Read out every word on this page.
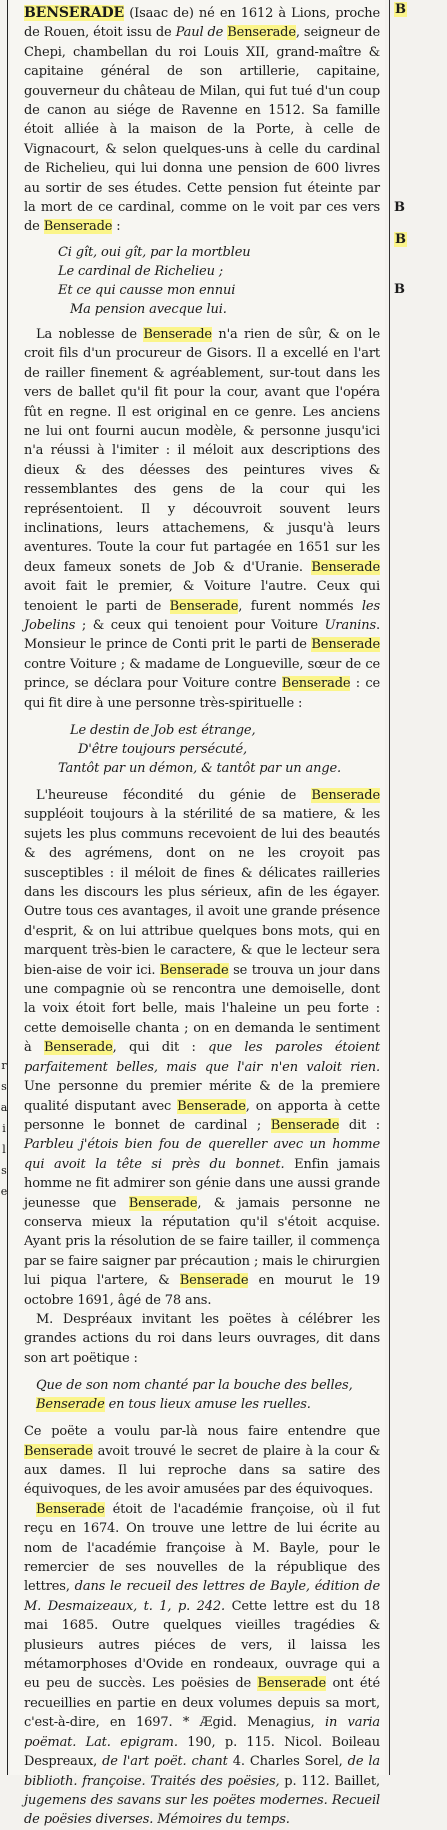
r
s
a
i
l
s
e
B
B
B
B

BENSERADE (Isaac de) né en 1612 à Lions, proche de Rouen, étoit issu de Paul de Benserade, seigneur de Chepi, chambellan du roi Louis XII, grand-maître & capitaine général de son artillerie, capitaine, gouverneur du château de Milan, qui fut tué d'un coup de canon au siége de Ravenne en 1512. Sa famille étoit alliée à la maison de la Porte, à celle de Vignacourt, & selon quelques-uns à celle du cardinal de Richelieu, qui lui donna une pension de 600 livres au sortir de ses études. Cette pension fut éteinte par la mort de ce cardinal, comme on le voit par ces vers de Benserade :

Ci gît, oui gît, par la mortbleu
Le cardinal de Richelieu ;
Et ce qui causse mon ennui
Ma pension avecque lui.

La noblesse de Benserade n'a rien de sûr, & on le croit fils d'un procureur de Gisors. Il a excellé en l'art de railler finement & agréablement, sur-tout dans les vers de ballet qu'il fit pour la cour, avant que l'opéra fût en regne. Il est original en ce genre. Les anciens ne lui ont fourni aucun modèle, & personne jusqu'ici n'a réussi à l'imiter : il méloit aux descriptions des dieux & des déesses des peintures vives & ressemblantes des gens de la cour qui les représentoient. Il y découvroit souvent leurs inclinations, leurs attachemens, & jusqu'à leurs aventures. Toute la cour fut partagée en 1651 sur les deux fameux sonets de Job & d'Uranie. Benserade avoit fait le premier, & Voiture l'autre. Ceux qui tenoient le parti de Benserade, furent nommés les Jobelins ; & ceux qui tenoient pour Voiture Uranins. Monsieur le prince de Conti prit le parti de Benserade contre Voiture ; & madame de Longueville, sœur de ce prince, se déclara pour Voiture contre Benserade : ce qui fit dire à une personne très-spirituelle :

Le destin de Job est étrange,
D'être toujours persécuté,
Tantôt par un démon, & tantôt par un ange.

L'heureuse fécondité du génie de Benserade suppléoit toujours à la stérilité de sa matiere, & les sujets les plus communs recevoient de lui des beautés & des agrémens, dont on ne les croyoit pas susceptibles : il méloit de fines & délicates railleries dans les discours les plus sérieux, afin de les égayer. Outre tous ces avantages, il avoit une grande présence d'esprit, & on lui attribue quelques bons mots, qui en marquent très-bien le caractere, & que le lecteur sera bien-aise de voir ici. Benserade se trouva un jour dans une compagnie où se rencontra une demoiselle, dont la voix étoit fort belle, mais l'haleine un peu forte : cette demoiselle chanta ; on en demanda le sentiment à Benserade, qui dit : que les paroles étoient parfaitement belles, mais que l'air n'en valoit rien. Une personne du premier mérite & de la premiere qualité disputant avec Benserade, on apporta à cette personne le bonnet de cardinal ; Benserade dit : Parbleu j'étois bien fou de quereller avec un homme qui avoit la tête si près du bonnet. Enfin jamais homme ne fit admirer son génie dans une aussi grande jeunesse que Benserade, & jamais personne ne conserva mieux la réputation qu'il s'étoit acquise. Ayant pris la résolution de se faire tailler, il commença par se faire saigner par précaution ; mais le chirurgien lui piqua l'artere, & Benserade en mourut le 19 octobre 1691, âgé de 78 ans.

M. Despréaux invitant les poëtes à célébrer les grandes actions du roi dans leurs ouvrages, dit dans son art poëtique :

Que de son nom chanté par la bouche des belles,
Benserade en tous lieux amuse les ruelles.

Ce poëte a voulu par-là nous faire entendre que Benserade avoit trouvé le secret de plaire à la cour & aux dames. Il lui reproche dans sa satire des équivoques, de les avoir amusées par des équivoques.

Benserade étoit de l'académie françoise, où il fut reçu en 1674. On trouve une lettre de lui écrite au nom de l'académie françoise à M. Bayle, pour le remercier de ses nouvelles de la république des lettres, dans le recueil des lettres de Bayle, édition de M. Desmaizeaux, t. 1, p. 242. Cette lettre est du 18 mai 1685. Outre quelques vieilles tragédies & plusieurs autres piéces de vers, il laissa les métamorphoses d'Ovide en rondeaux, ouvrage qui a eu peu de succès. Les poësies de Benserade ont été recueillies en partie en deux volumes depuis sa mort, c'est-à-dire, en 1697. * Ægid. Menagius, in varia poëmat. Lat. epigram. 190, p. 115. Nicol. Boileau Despreaux, de l'art poët. chant 4. Charles Sorel, de la biblioth. françoise. Traités des poësies, p. 112. Baillet, jugemens des savans sur les poëtes modernes. Recueil de poësies diverses. Mémoires du temps.
